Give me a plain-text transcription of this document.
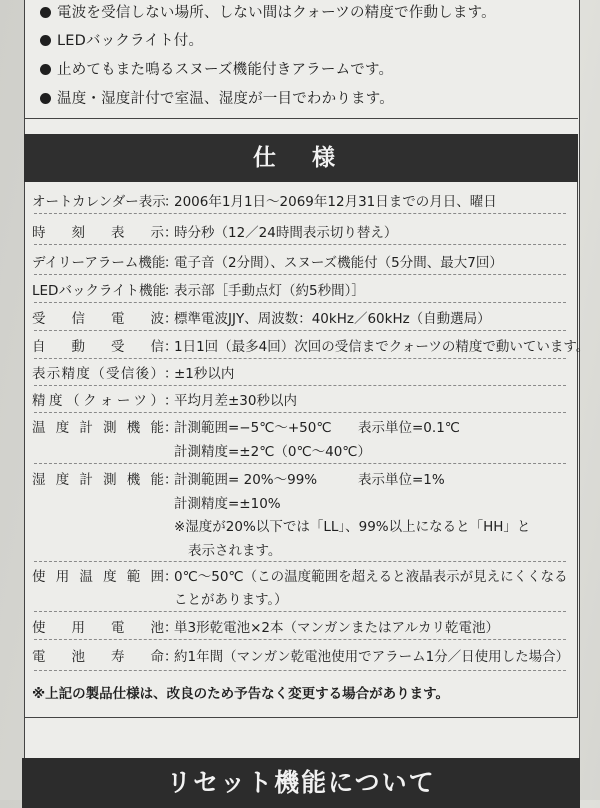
電波を受信しない場所、しない間はクォーツの精度で作動します。
LEDバックライト付。
止めてもまた鳴るスヌーズ機能付きアラームです。
温度・湿度計付で室温、湿度が一目でわかります。
仕 様
オートカレンダー表示：2006年1月1日〜2069年12月31日までの月日、曜日
時刻表示：時分秒（12／24時間表示切り替え）
デイリーアラーム機能：電子音（2分間）、スヌーズ機能付（5分間、最大7回）
LEDバックライト機能：表示部［手動点灯（約5秒間）］
受信電波：標準電波JJY、周波数：40kHz／60kHz（自動選局）
自動受信：1日1回（最多4回）次回の受信までクォーツの精度で動いています。
表示精度（受信後）：±1秒以内
精度（クォーツ）：平均月差±30秒以内
温度計測機能：計測範囲=−5℃〜+50℃ 表示単位=0.1℃
計測精度=±2℃（0℃〜40℃）
湿度計測機能：計測範囲= 20%〜99%	表示単位=1%
計測精度=±10%
※湿度が20%以下では「LL」、99%以上になると「HH」と
表示されます。
使用温度範囲：0℃〜50℃（この温度範囲を超えると液晶表示が見えにくくなる
ことがあります。）
使用電池：単3形乾電池×2本（マンガンまたはアルカリ乾電池）
電池寿命：約1年間（マンガン乾電池使用でアラーム1分／日使用した場合）
※上記の製品仕様は、改良のため予告なく変更する場合があります。
リセット機能について
